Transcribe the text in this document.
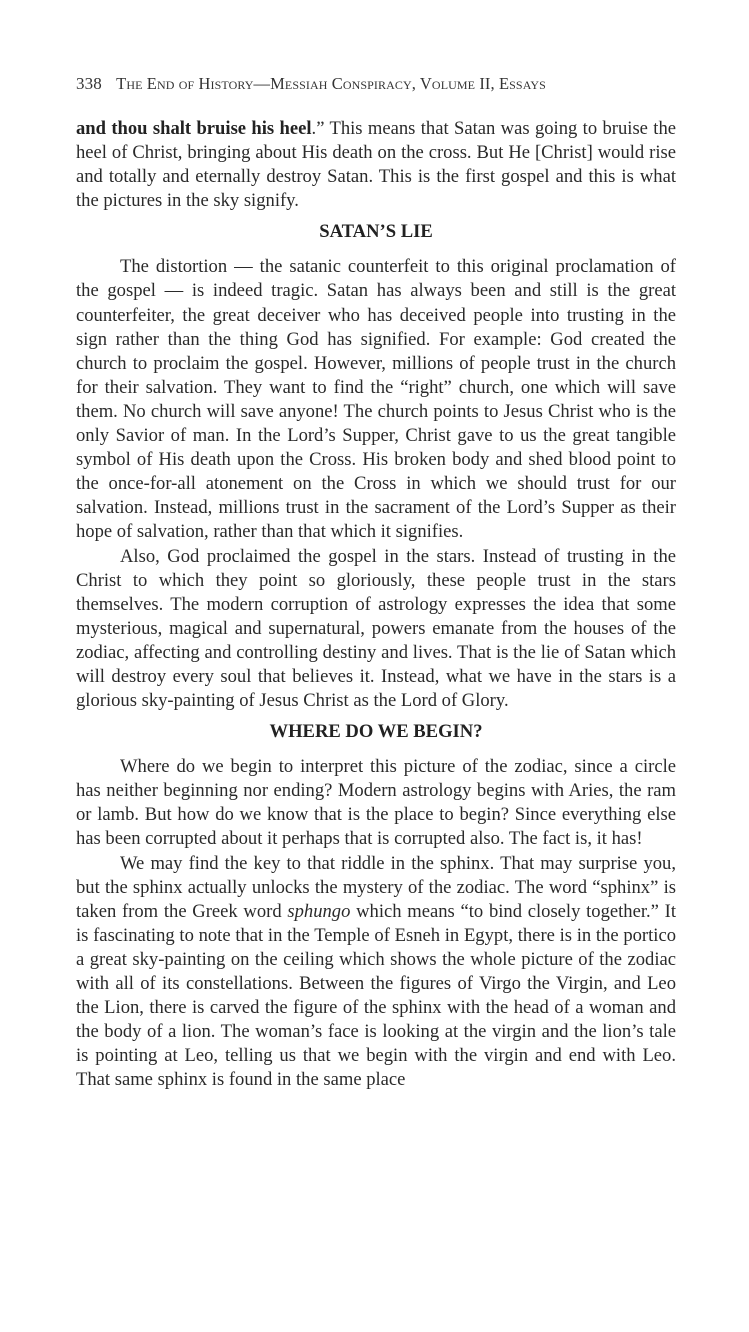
338 The End of History—Messiah Conspiracy, Volume II, Essays

and thou shalt bruise his heel.” This means that Satan was going to bruise the heel of Christ, bringing about His death on the cross. But He [Christ] would rise and totally and eternally destroy Satan. This is the first gospel and this is what the pictures in the sky signify.

SATAN’S LIE

The distortion — the satanic counterfeit to this original proclamation of the gospel — is indeed tragic. Satan has always been and still is the great counterfeiter, the great deceiver who has deceived people into trusting in the sign rather than the thing God has signified. For example: God created the church to proclaim the gospel. However, millions of people trust in the church for their salvation. They want to find the “right” church, one which will save them. No church will save anyone! The church points to Jesus Christ who is the only Savior of man. In the Lord’s Supper, Christ gave to us the great tangible symbol of His death upon the Cross. His broken body and shed blood point to the once-for-all atonement on the Cross in which we should trust for our salvation. Instead, millions trust in the sacrament of the Lord’s Supper as their hope of salvation, rather than that which it signifies.

Also, God proclaimed the gospel in the stars. Instead of trusting in the Christ to which they point so gloriously, these people trust in the stars themselves. The modern corruption of astrology expresses the idea that some mysterious, magical and supernatural, powers emanate from the houses of the zodiac, affecting and controlling destiny and lives. That is the lie of Satan which will destroy every soul that believes it. Instead, what we have in the stars is a glorious sky-painting of Jesus Christ as the Lord of Glory.

WHERE DO WE BEGIN?

Where do we begin to interpret this picture of the zodiac, since a circle has neither beginning nor ending? Modern astrology begins with Aries, the ram or lamb. But how do we know that is the place to begin? Since everything else has been corrupted about it perhaps that is corrupted also. The fact is, it has!

We may find the key to that riddle in the sphinx. That may surprise you, but the sphinx actually unlocks the mystery of the zodiac. The word “sphinx” is taken from the Greek word sphungo which means “to bind closely together.” It is fascinating to note that in the Temple of Esneh in Egypt, there is in the portico a great sky-painting on the ceiling which shows the whole picture of the zodiac with all of its constellations. Between the figures of Virgo the Virgin, and Leo the Lion, there is carved the figure of the sphinx with the head of a woman and the body of a lion. The woman’s face is looking at the virgin and the lion’s tale is pointing at Leo, telling us that we begin with the virgin and end with Leo. That same sphinx is found in the same place
